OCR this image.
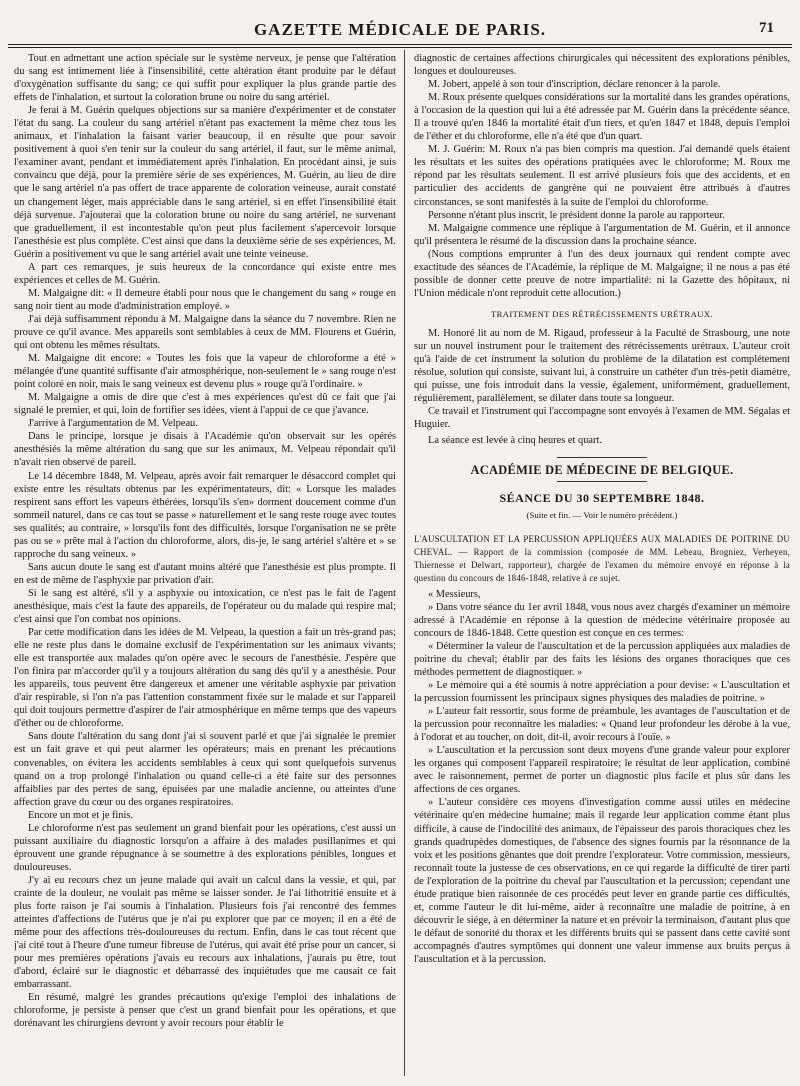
GAZETTE MÉDICALE DE PARIS.	71

Tout en admettant une action spéciale sur le système nerveux, je pense que l'altération du sang est intimement liée à l'insensibilité, cette altération étant produite par le défaut d'oxygénation suffisante du sang; ce qui suffit pour expliquer la plus grande partie des effets de l'inhalation, et surtout la coloration brune ou noire du sang artériel.

Je ferai à M. Guérin quelques objections sur sa manière d'expérimenter et de constater l'état du sang. La couleur du sang artériel n'étant pas exactement la même chez tous les animaux, et l'inhalation la faisant varier beaucoup, il en résulte que pour savoir positivement à quoi s'en tenir sur la couleur du sang artériel, il faut, sur le même animal, l'examiner avant, pendant et immédiatement après l'inhalation. En procédant ainsi, je suis convaincu que déjà, pour la première série de ses expériences, M. Guérin, au lieu de dire que le sang artériel n'a pas offert de trace apparente de coloration veineuse, aurait constaté un changement léger, mais appréciable dans le sang artériel, si en effet l'insensibilité était déjà survenue. J'ajouterai que la coloration brune ou noire du sang artériel, ne survenant que graduellement, il est incontestable qu'on peut plus facilement s'apercevoir lorsque l'anesthésie est plus complète. C'est ainsi que dans la deuxième série de ses expériences, M. Guérin a positivement vu que le sang artériel avait une teinte veineuse.

A part ces remarques, je suis heureux de la concordance qui existe entre mes expériences et celles de M. Guérin.

M. Malgaigne dit: « Il demeure établi pour nous que le changement du sang » rouge en sang noir tient au mode d'administration employé. »

J'ai déjà suffisamment répondu à M. Malgaigne dans la séance du 7 novembre. Rien ne prouve ce qu'il avance. Mes appareils sont semblables à ceux de MM. Flourens et Guérin, qui ont obtenu les mêmes résultats.

M. Malgaigne dit encore: « Toutes les fois que la vapeur de chloroforme a été » mélangée d'une quantité suffisante d'air atmosphérique, non-seulement le » sang rouge n'est point coloré en noir, mais le sang veineux est devenu plus » rouge qu'à l'ordinaire. »

M. Malgaigne a omis de dire que c'est à mes expériences qu'est dû ce fait que j'ai signalé le premier, et qui, loin de fortifier ses idées, vient à l'appui de ce que j'avance.

J'arrive à l'argumentation de M. Velpeau.

Dans le principe, lorsque je disais à l'Académie qu'on observait sur les opérés anesthésiés la même altération du sang que sur les animaux, M. Velpeau répondait qu'il n'avait rien observé de pareil.

Le 14 décembre 1848, M. Velpeau, après avoir fait remarquer le désaccord complet qui existe entre les résultats obtenus par les expérimentateurs, dit: « Lorsque les malades respirent sans effort les vapeurs éthérées, lorsqu'ils s'en» dorment doucement comme d'un sommeil naturel, dans ce cas tout se passe » naturellement et le sang reste rouge avec toutes ses qualités; au contraire, » lorsqu'ils font des difficultés, lorsque l'organisation ne se prête pas ou se » prête mal à l'action du chloroforme, alors, dis-je, le sang artériel s'altère et » se rapproche du sang veineux. »

Sans aucun doute le sang est d'autant moins altéré que l'anesthésie est plus prompte. Il en est de même de l'asphyxie par privation d'air.

Si le sang est altéré, s'il y a asphyxie ou intoxication, ce n'est pas le fait de l'agent anesthésique, mais c'est la faute des appareils, de l'opérateur ou du malade qui respire mal; c'est ainsi que l'on combat nos opinions.

Par cette modification dans les idées de M. Velpeau, la question a fait un très-grand pas; elle ne reste plus dans le domaine exclusif de l'expérimentation sur les animaux vivants; elle est transportée aux malades qu'on opère avec le secours de l'anesthésie. J'espère que l'on finira par m'accorder qu'il y a toujours altération du sang dès qu'il y a anesthésie. Pour les appareils, tous peuvent être dangereux et amener une véritable asphyxie par privation d'air respirable, si l'on n'a pas l'attention constamment fixée sur le malade et sur l'appareil qui doit toujours permettre d'aspirer de l'air atmosphérique en même temps que des vapeurs d'éther ou de chloroforme.

Sans doute l'altération du sang dont j'ai si souvent parlé et que j'ai signalée le premier est un fait grave et qui peut alarmer les opérateurs; mais en prenant les précautions convenables, on évitera les accidents semblables à ceux qui sont quelquefois survenus quand on a trop prolongé l'inhalation ou quand celle-ci a été faite sur des personnes affaiblies par des pertes de sang, épuisées par une maladie ancienne, ou atteintes d'une affection grave du cœur ou des organes respiratoires.

Encore un mot et je finis.

Le chloroforme n'est pas seulement un grand bienfait pour les opérations, c'est aussi un puissant auxiliaire du diagnostic lorsqu'on a affaire à des malades pusillanimes et qui éprouvent une grande répugnance à se soumettre à des explorations pénibles, longues et douloureuses.

J'y ai eu recours chez un jeune malade qui avait un calcul dans la vessie, et qui, par crainte de la douleur, ne voulait pas même se laisser sonder. Je l'ai lithotritié ensuite et à plus forte raison je l'ai soumis à l'inhalation. Plusieurs fois j'ai rencontré des femmes atteintes d'affections de l'utérus que je n'ai pu explorer que par ce moyen; il en a été de même pour des affections très-douloureuses du rectum. Enfin, dans le cas tout récent que j'ai cité tout à l'heure d'une tumeur fibreuse de l'utérus, qui avait été prise pour un cancer, si pour mes premières opérations j'avais eu recours aux inhalations, j'aurais pu être, tout d'abord, éclairé sur le diagnostic et débarrassé des inquiétudes que me causait ce fait embarrassant.

En résumé, malgré les grandes précautions qu'exige l'emploi des inhalations de chloroforme, je persiste à penser que c'est un grand bienfait pour les opérations, et que dorénavant les chirurgiens devront y avoir recours pour établir le

diagnostic de certaines affections chirurgicales qui nécessitent des explorations pénibles, longues et douloureuses.

M. Jobert, appelé à son tour d'inscription, déclare renoncer à la parole.

M. Roux présente quelques considérations sur la mortalité dans les grandes opérations, à l'occasion de la question qui lui a été adressée par M. Guérin dans la précédente séance. Il a trouvé qu'en 1846 la mortalité était d'un tiers, et qu'en 1847 et 1848, depuis l'emploi de l'éther et du chloroforme, elle n'a été que d'un quart.

M. J. Guérin: M. Roux n'a pas bien compris ma question. J'ai demandé quels étaient les résultats et les suites des opérations pratiquées avec le chloroforme; M. Roux me répond par les résultats seulement. Il est arrivé plusieurs fois que des accidents, et en particulier des accidents de gangrène qui ne pouvaient être attribués à d'autres circonstances, se sont manifestés à la suite de l'emploi du chloroforme.

Personne n'étant plus inscrit, le président donne la parole au rapporteur.

M. Malgaigne commence une réplique à l'argumentation de M. Guérin, et il annonce qu'il présentera le résumé de la discussion dans la prochaine séance.

(Nous comptions emprunter à l'un des deux journaux qui rendent compte avec exactitude des séances de l'Académie, la réplique de M. Malgaigne; il ne nous a pas été possible de donner cette preuve de notre impartialité: ni la Gazette des hôpitaux, ni l'Union médicale n'ont reproduit cette allocution.)

TRAITEMENT DES RÉTRÉCISSEMENTS URÉTRAUX.

M. Honoré lit au nom de M. Rigaud, professeur à la Faculté de Strasbourg, une note sur un nouvel instrument pour le traitement des rétrécissements urétraux. L'auteur croit qu'à l'aide de cet instrument la solution du problème de la dilatation est complétement résolue, solution qui consiste, suivant lui, à construire un cathéter d'un très-petit diamètre, qui puisse, une fois introduit dans la vessie, également, uniformément, graduellement, régulièrement, parallèlement, se dilater dans toute sa longueur.

Ce travail et l'instrument qui l'accompagne sont envoyés à l'examen de MM. Ségalas et Huguier.

La séance est levée à cinq heures et quart.

ACADÉMIE DE MÉDECINE DE BELGIQUE.
SÉANCE DU 30 SEPTEMBRE 1848.
(Suite et fin. — Voir le numéro précédent.)

L'AUSCULTATION ET LA PERCUSSION APPLIQUÉES AUX MALADIES DE POITRINE DU CHEVAL. — Rapport de la commission (composée de MM. Lebeau, Brogniez, Verheyen, Thiernesse et Delwart, rapporteur), chargée de l'examen du mémoire envoyé en réponse à la question du concours de 1846-1848, relative à ce sujet.

« Messieurs,

» Dans votre séance du 1er avril 1848, vous nous avez chargés d'examiner un mémoire adressé à l'Académie en réponse à la question de médecine vétérinaire proposée au concours de 1846-1848. Cette question est conçue en ces termes:

« Déterminer la valeur de l'auscultation et de la percussion appliquées aux maladies de poitrine du cheval; établir par des faits les lésions des organes thoraciques que ces méthodes permettent de diagnostiquer. »

» Le mémoire qui a été soumis à notre appréciation a pour devise: « L'auscultation et la percussion fournissent les principaux signes physiques des maladies de poitrine. »

» L'auteur fait ressortir, sous forme de préambule, les avantages de l'auscultation et de la percussion pour reconnaître les maladies: « Quand leur profondeur les dérobe à la vue, à l'odorat et au toucher, on doit, dit-il, avoir recours à l'ouïe. »

» L'auscultation et la percussion sont deux moyens d'une grande valeur pour explorer les organes qui composent l'appareil respiratoire; le résultat de leur application, combiné avec le raisonnement, permet de porter un diagnostic plus facile et plus sûr dans les affections de ces organes.

» L'auteur considère ces moyens d'investigation comme aussi utiles en médecine vétérinaire qu'en médecine humaine; mais il regarde leur application comme étant plus difficile, à cause de l'indocilité des animaux, de l'épaisseur des parois thoraciques chez les grands quadrupèdes domestiques, de l'absence des signes fournis par la résonnance de la voix et les positions gênantes que doit prendre l'explorateur. Votre commission, messieurs, reconnaît toute la justesse de ces observations, en ce qui regarde la difficulté de tirer parti de l'exploration de la poitrine du cheval par l'auscultation et la percussion; cependant une étude pratique bien raisonnée de ces procédés peut lever en grande partie ces difficultés, et, comme l'auteur le dit lui-même, aider à reconnaître une maladie de poitrine, à en découvrir le siége, à en déterminer la nature et en prévoir la terminaison, d'autant plus que le défaut de sonorité du thorax et les différents bruits qui se passent dans cette cavité sont accompagnés d'autres symptômes qui donnent une valeur immense aux bruits perçus à l'auscultation et à la percussion.
